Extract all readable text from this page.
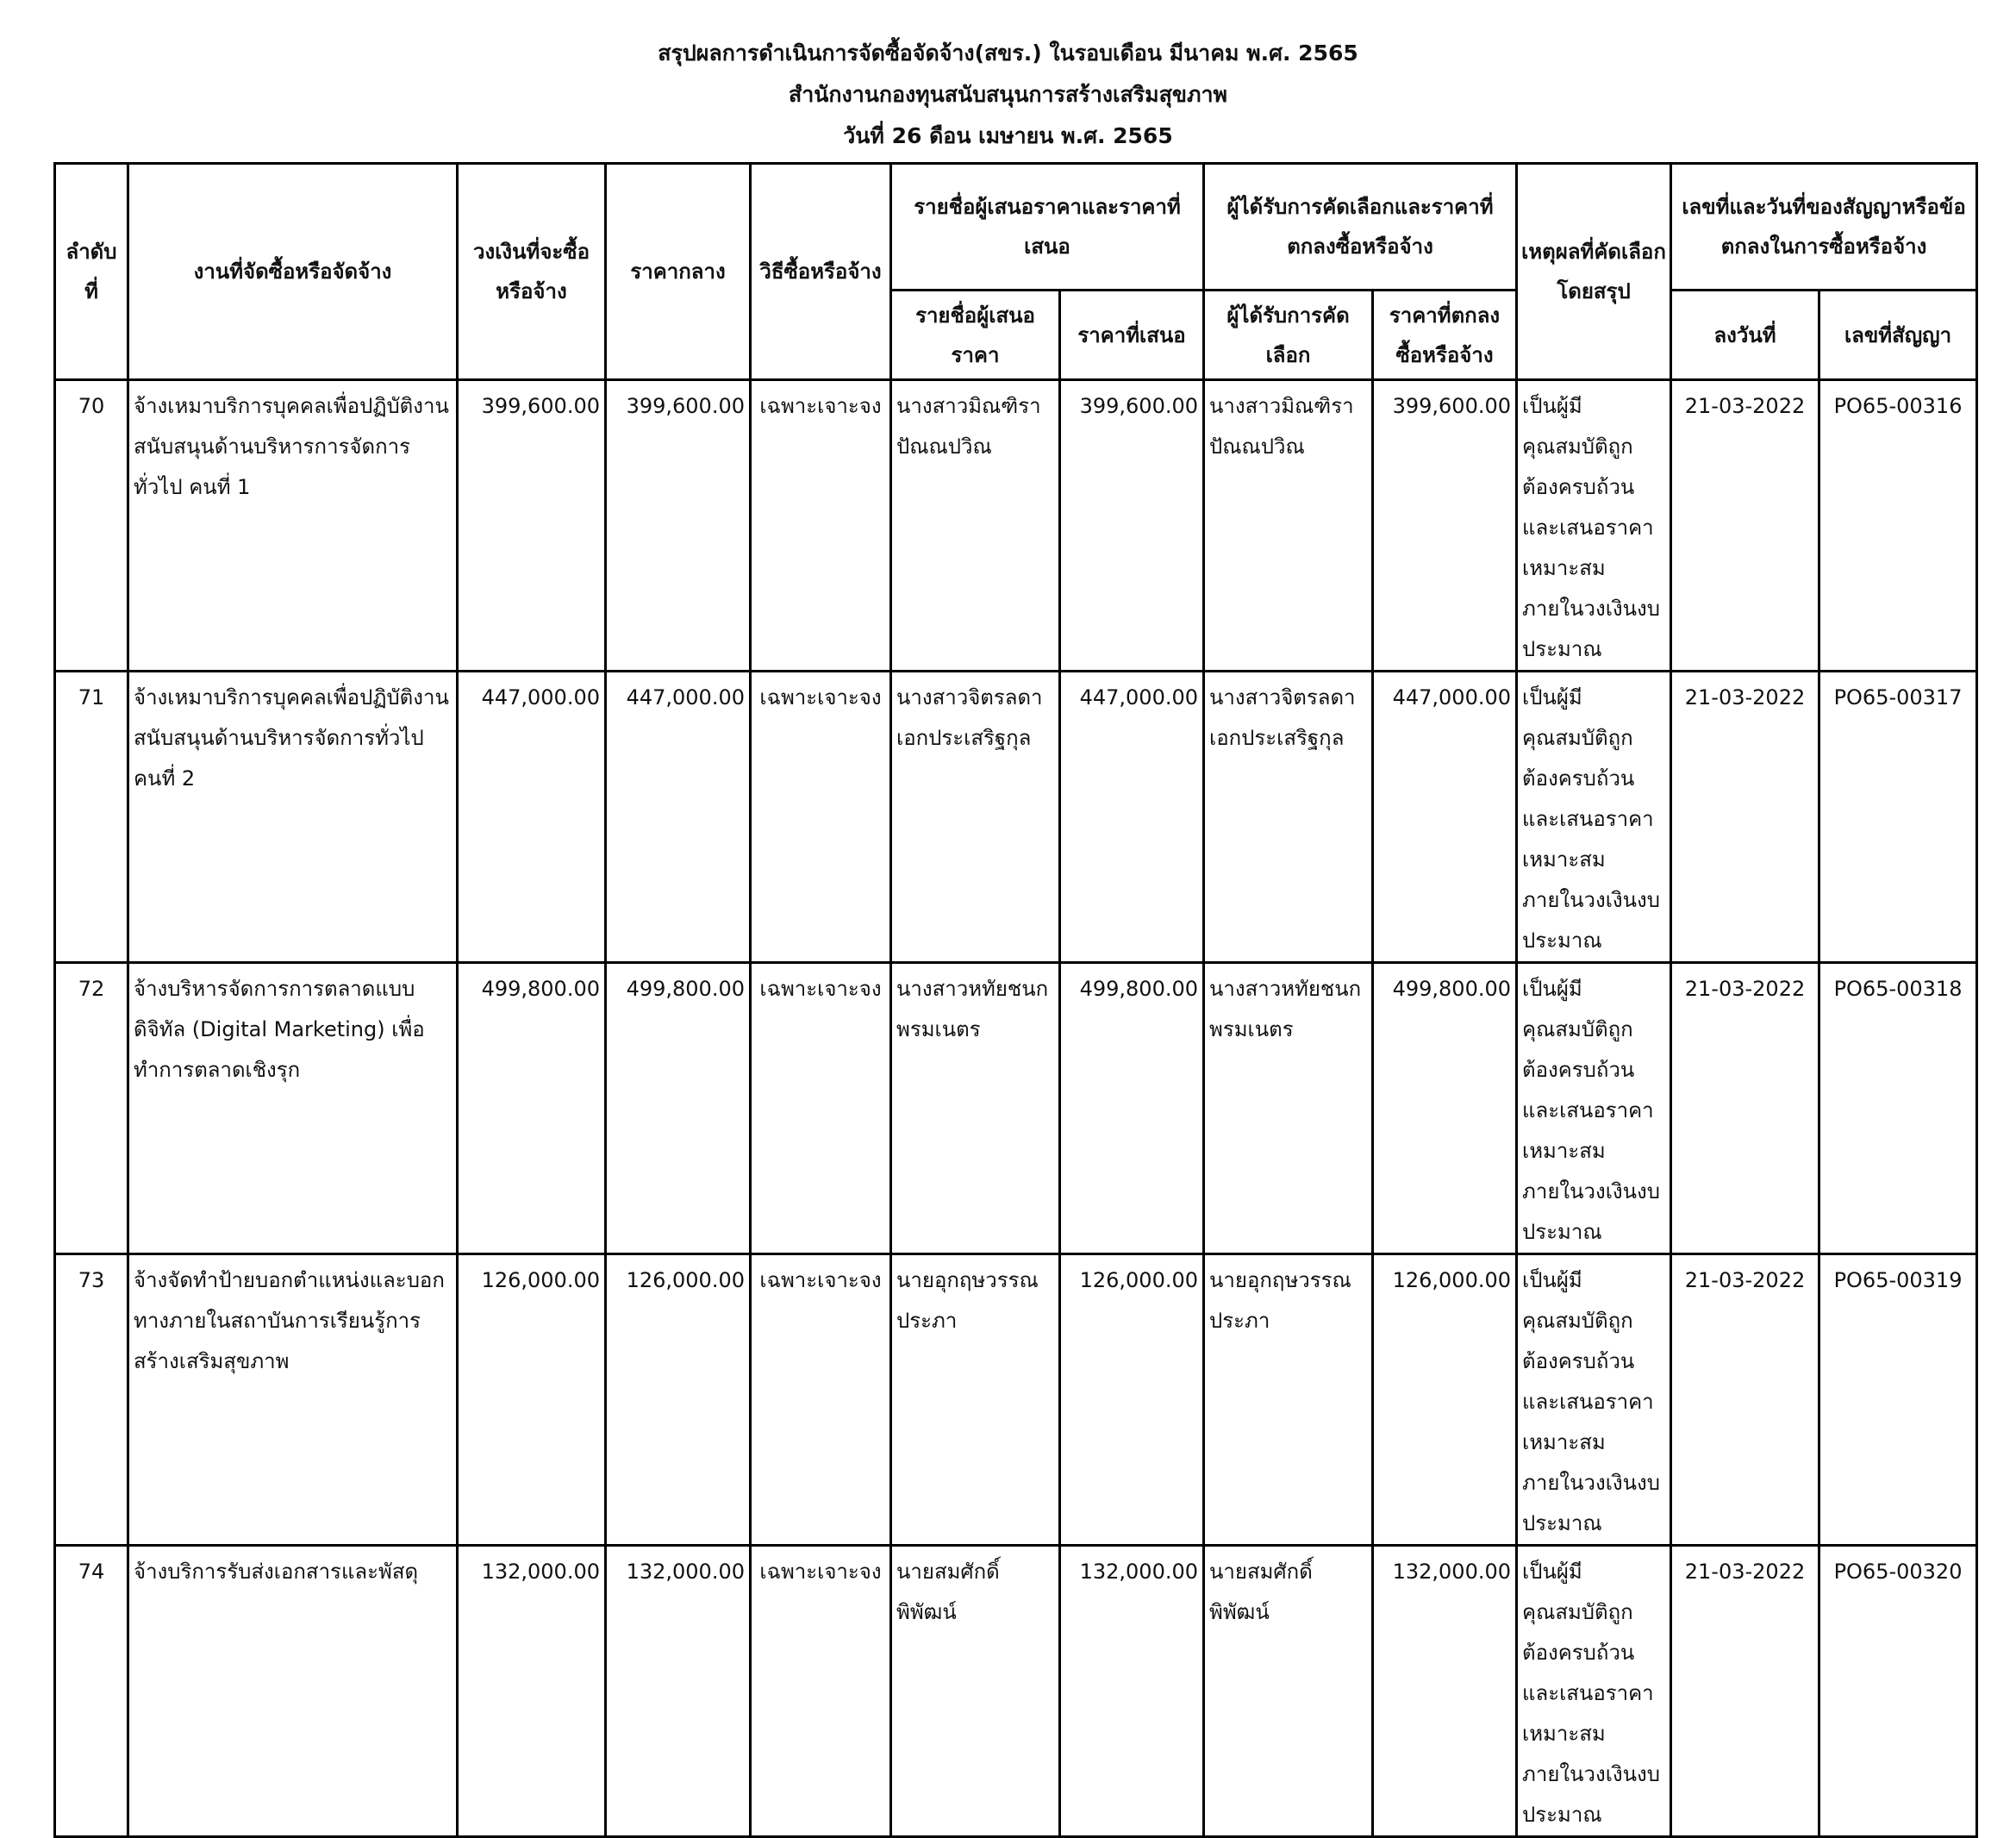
สรุปผลการดำเนินการจัดซื้อจัดจ้าง(สขร.) ในรอบเดือน มีนาคม พ.ศ. 2565
สำนักงานกองทุนสนับสนุนการสร้างเสริมสุขภาพ
วันที่ 26 ดือน เมษายน พ.ศ. 2565
ลำดับที่	งานที่จัดซื้อหรือจัดจ้าง	วงเงินที่จะซื้อหรือจ้าง	ราคากลาง	วิธีซื้อหรือจ้าง	รายชื่อผู้เสนอราคาและราคาที่เสนอ		ผู้ได้รับการคัดเลือกและราคาที่ตกลงซื้อหรือจ้าง		เหตุผลที่คัดเลือกโดยสรุป	เลขที่และวันที่ของสัญญาหรือข้อตกลงในการซื้อหรือจ้าง	
					รายชื่อผู้เสนอราคา	ราคาที่เสนอ	ผู้ได้รับการคัดเลือก	ราคาที่ตกลงซื้อหรือจ้าง		ลงวันที่	เลขที่สัญญา
70	จ้างเหมาบริการบุคคลเพื่อปฏิบัติงานสนับสนุนด้านบริหารการจัดการทั่วไป คนที่ 1	399,600.00	399,600.00	เฉพาะเจาะจง	นางสาวมิณฑิราปัณณปวิณ	399,600.00	นางสาวมิณฑิราปัณณปวิณ	399,600.00	เป็นผู้มีคุณสมบัติถูกต้องครบถ้วนและเสนอราคาเหมาะสมภายในวงเงินงบประมาณ	21-03-2022	PO65-00316
71	จ้างเหมาบริการบุคคลเพื่อปฏิบัติงานสนับสนุนด้านบริหารจัดการทั่วไป คนที่ 2	447,000.00	447,000.00	เฉพาะเจาะจง	นางสาวจิตรลดาเอกประเสริฐกุล	447,000.00	นางสาวจิตรลดาเอกประเสริฐกุล	447,000.00	เป็นผู้มีคุณสมบัติถูกต้องครบถ้วนและเสนอราคาเหมาะสมภายในวงเงินงบประมาณ	21-03-2022	PO65-00317
72	จ้างบริหารจัดการการตลาดแบบดิจิทัล (Digital Marketing) เพื่อทำการตลาดเชิงรุก	499,800.00	499,800.00	เฉพาะเจาะจง	นางสาวหทัยชนก พรมเนตร	499,800.00	นางสาวหทัยชนก พรมเนตร	499,800.00	เป็นผู้มีคุณสมบัติถูกต้องครบถ้วนและเสนอราคาเหมาะสมภายในวงเงินงบประมาณ	21-03-2022	PO65-00318
73	จ้างจัดทำป้ายบอกตำแหน่งและบอกทางภายในสถาบันการเรียนรู้การสร้างเสริมสุขภาพ	126,000.00	126,000.00	เฉพาะเจาะจง	นายอุกฤษวรรณประภา	126,000.00	นายอุกฤษวรรณประภา	126,000.00	เป็นผู้มีคุณสมบัติถูกต้องครบถ้วนและเสนอราคาเหมาะสมภายในวงเงินงบประมาณ	21-03-2022	PO65-00319
74	จ้างบริการรับส่งเอกสารและพัสดุ	132,000.00	132,000.00	เฉพาะเจาะจง	นายสมศักดิ์พิพัฒน์	132,000.00	นายสมศักดิ์พิพัฒน์	132,000.00	เป็นผู้มีคุณสมบัติถูกต้องครบถ้วนและเสนอราคาเหมาะสมภายในวงเงินงบประมาณ	21-03-2022	PO65-00320
